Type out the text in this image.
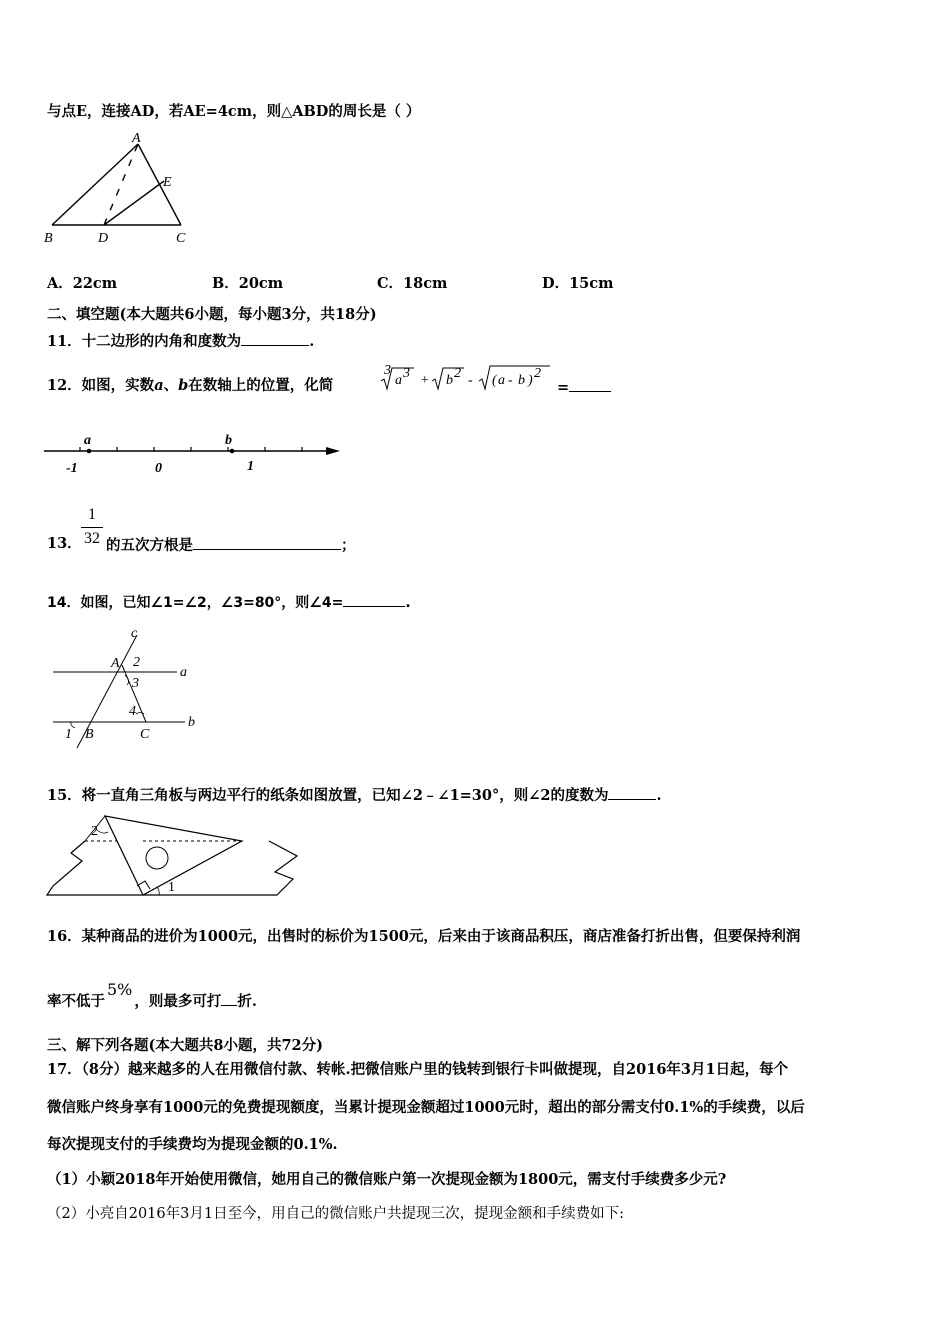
与点E，连接AD，若AE=4cm，则△ABD的周长是（ ）
A
E
B	D	C
A．22cm	B．20cm	C．18cm	D．15cm
二、填空题(本大题共6小题，每小题3分，共18分)
11．十二边形的内角和度数为	.
12．如图，实数a、b在数轴上的位置，化简
3
a 3 + b 2 - ( a - b ) 2
=
a	b
-1	0	1
13．
1
32 的五次方根是	；
14．如图，已知∠1=∠2，∠3=80°，则∠4=	.
c
A 2
a
3
4
b
1 B	C
15．将一直角三角板与两边平行的纸条如图放置，已知∠2﹣∠1=30°，则∠2的度数为	.
2
1
16．某种商品的进价为1000元，出售时的标价为1500元，后来由于该商品积压，商店准备打折出售，但要保持利润
率不低于5%，则最多可打 折.
三、解下列各题(本大题共8小题，共72分)
17．（8分）越来越多的人在用微信付款、转帐.把微信账户里的钱转到银行卡叫做提现，自2016年3月1日起，每个
微信账户终身享有1000元的免费提现额度，当累计提现金额超过1000元时，超出的部分需支付0.1%的手续费，以后
每次提现支付的手续费均为提现金额的0.1%.
（1）小颖2018年开始使用微信，她用自己的微信账户第一次提现金额为1800元，需支付手续费多少元?
（2）小亮自2016年3月1日至今，用自己的微信账户共提现三次，提现金额和手续费如下:
